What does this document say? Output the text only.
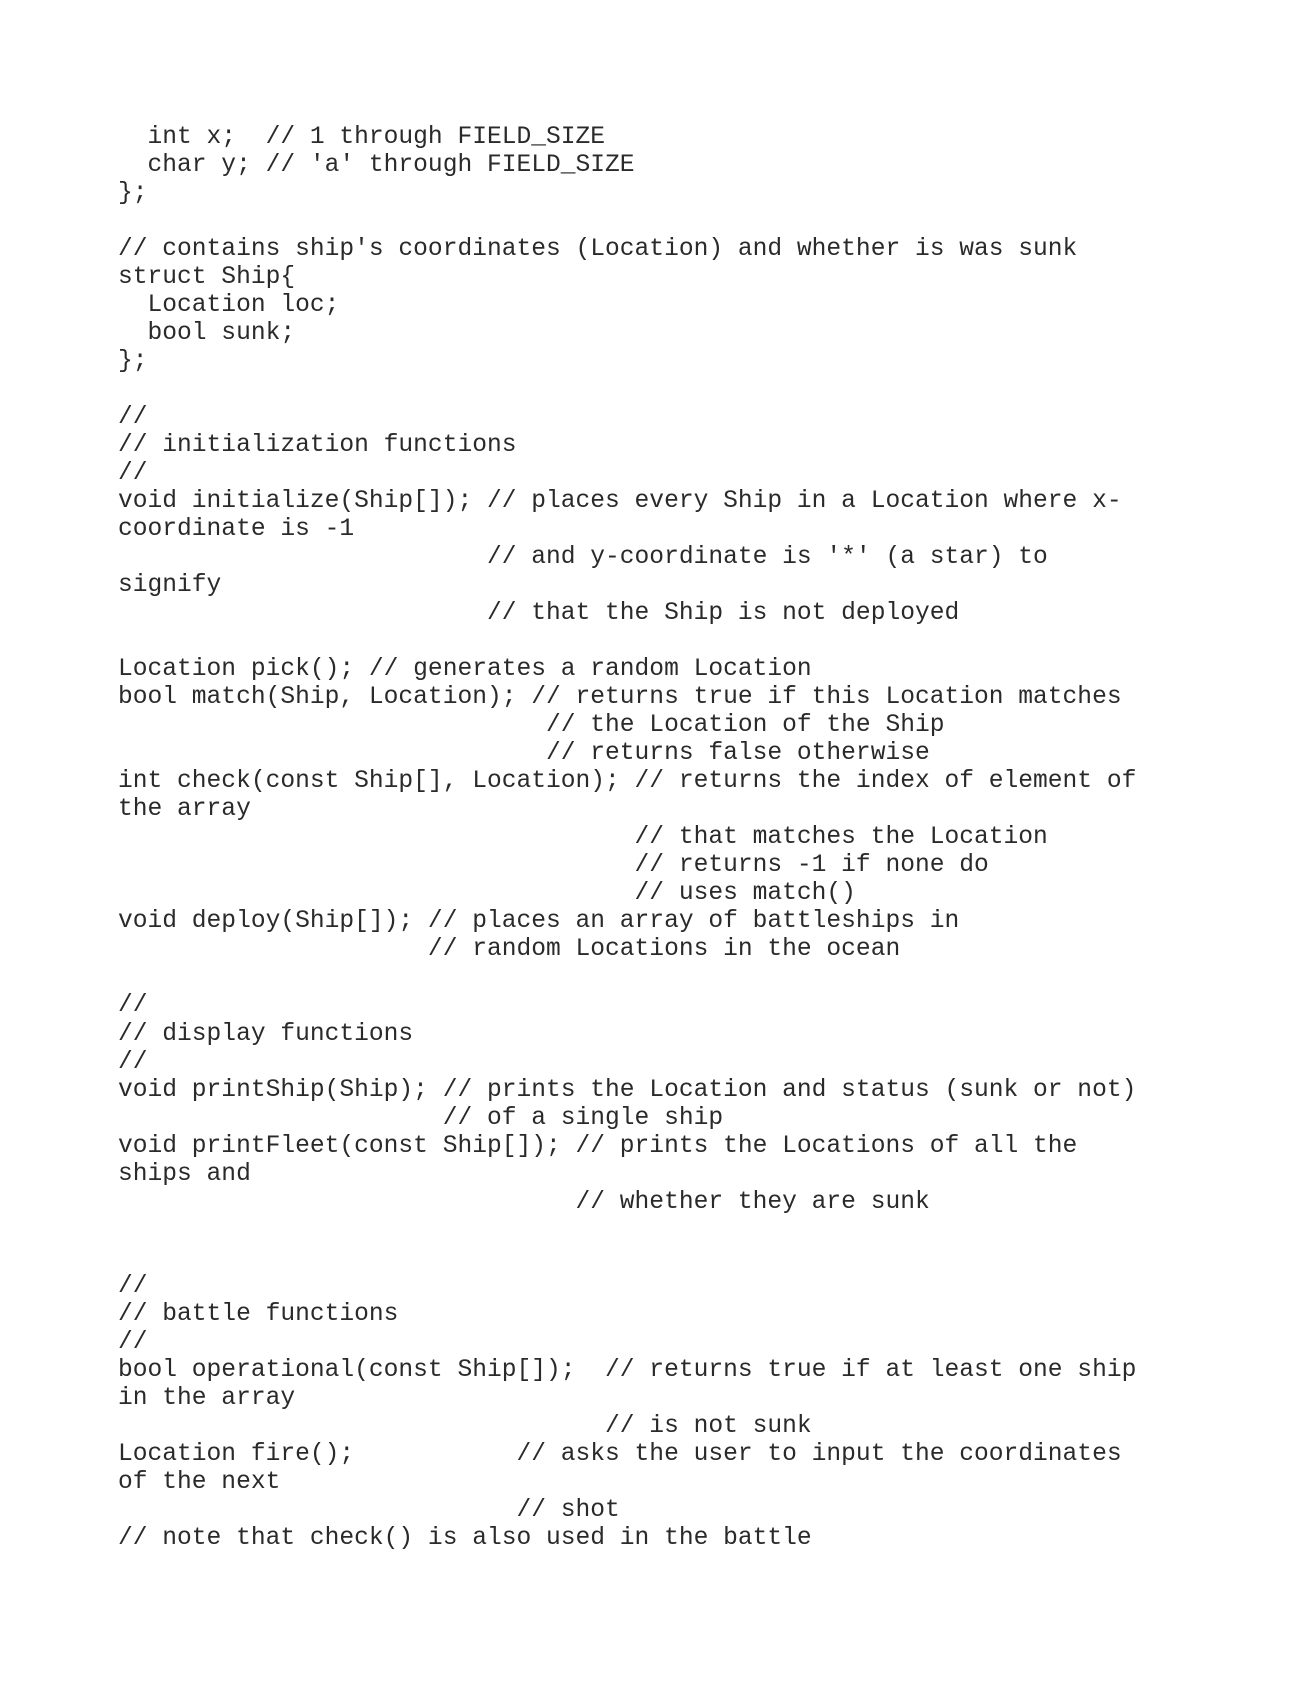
int x;  // 1 through FIELD_SIZE
char y; // 'a' through FIELD_SIZE
};
// contains ship's coordinates (Location) and whether is was sunk
struct Ship{
Location loc;
bool sunk;
};
//
// initialization functions
//
void initialize(Ship[]); // places every Ship in a Location where x-
coordinate is -1
// and y-coordinate is '*' (a star) to
signify
// that the Ship is not deployed
Location pick(); // generates a random Location
bool match(Ship, Location); // returns true if this Location matches
// the Location of the Ship
// returns false otherwise
int check(const Ship[], Location); // returns the index of element of
the array
// that matches the Location
// returns -1 if none do
// uses match()
void deploy(Ship[]); // places an array of battleships in
// random Locations in the ocean
//
// display functions
//
void printShip(Ship); // prints the Location and status (sunk or not)
// of a single ship
void printFleet(const Ship[]); // prints the Locations of all the
ships and
// whether they are sunk
//
// battle functions
//
bool operational(const Ship[]);  // returns true if at least one ship
in the array
// is not sunk
Location fire();           // asks the user to input the coordinates
of the next
// shot
// note that check() is also used in the battle
